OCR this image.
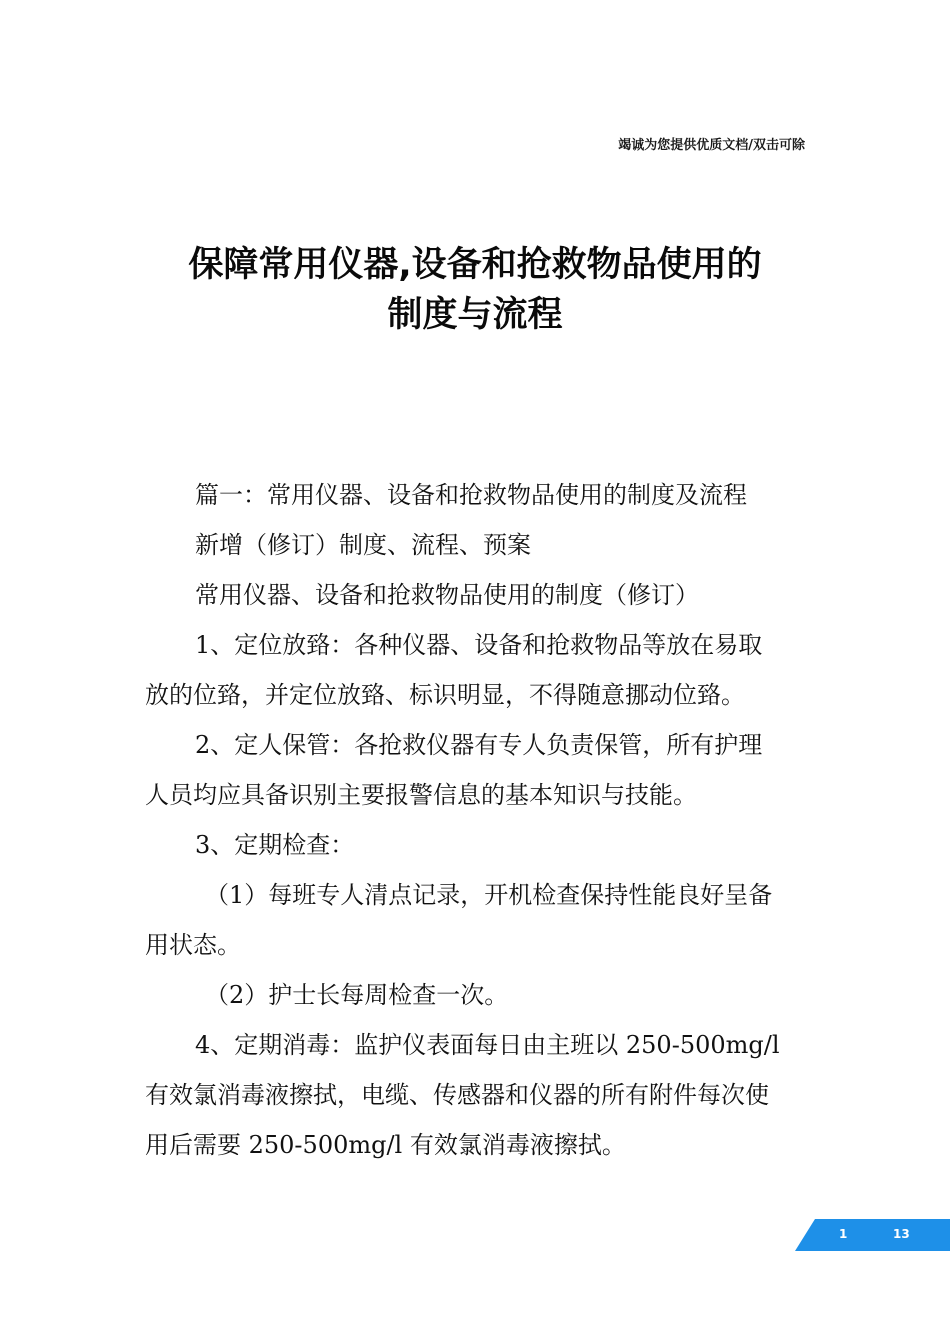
竭诚为您提供优质文档/双击可除
保障常用仪器,设备和抢救物品使用的
制度与流程

篇一：常用仪器、设备和抢救物品使用的制度及流程

新增（修订）制度、流程、预案

常用仪器、设备和抢救物品使用的制度（修订）

1、定位放臵：各种仪器、设备和抢救物品等放在易取

放的位臵，并定位放臵、标识明显，不得随意挪动位臵。

2、定人保管：各抢救仪器有专人负责保管，所有护理

人员均应具备识别主要报警信息的基本知识与技能。

3、定期检查：

（1）每班专人清点记录，开机检查保持性能良好呈备

用状态。

（2）护士长每周检查一次。

4、定期消毒：监护仪表面每日由主班以 250-500mg/l

有效氯消毒液擦拭，电缆、传感器和仪器的所有附件每次使

用后需要 250-500mg/l 有效氯消毒液擦拭。

1	13
